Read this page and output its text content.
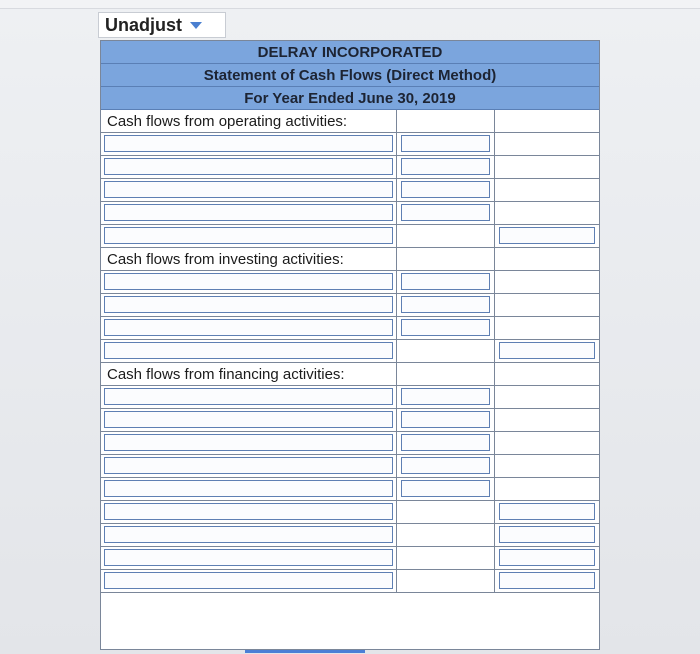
Unadjust
DELRAY INCORPORATED
Statement of Cash Flows (Direct Method)
For Year Ended June 30, 2019
Cash flows from operating activities:
Cash flows from investing activities:
Cash flows from financing activities:
